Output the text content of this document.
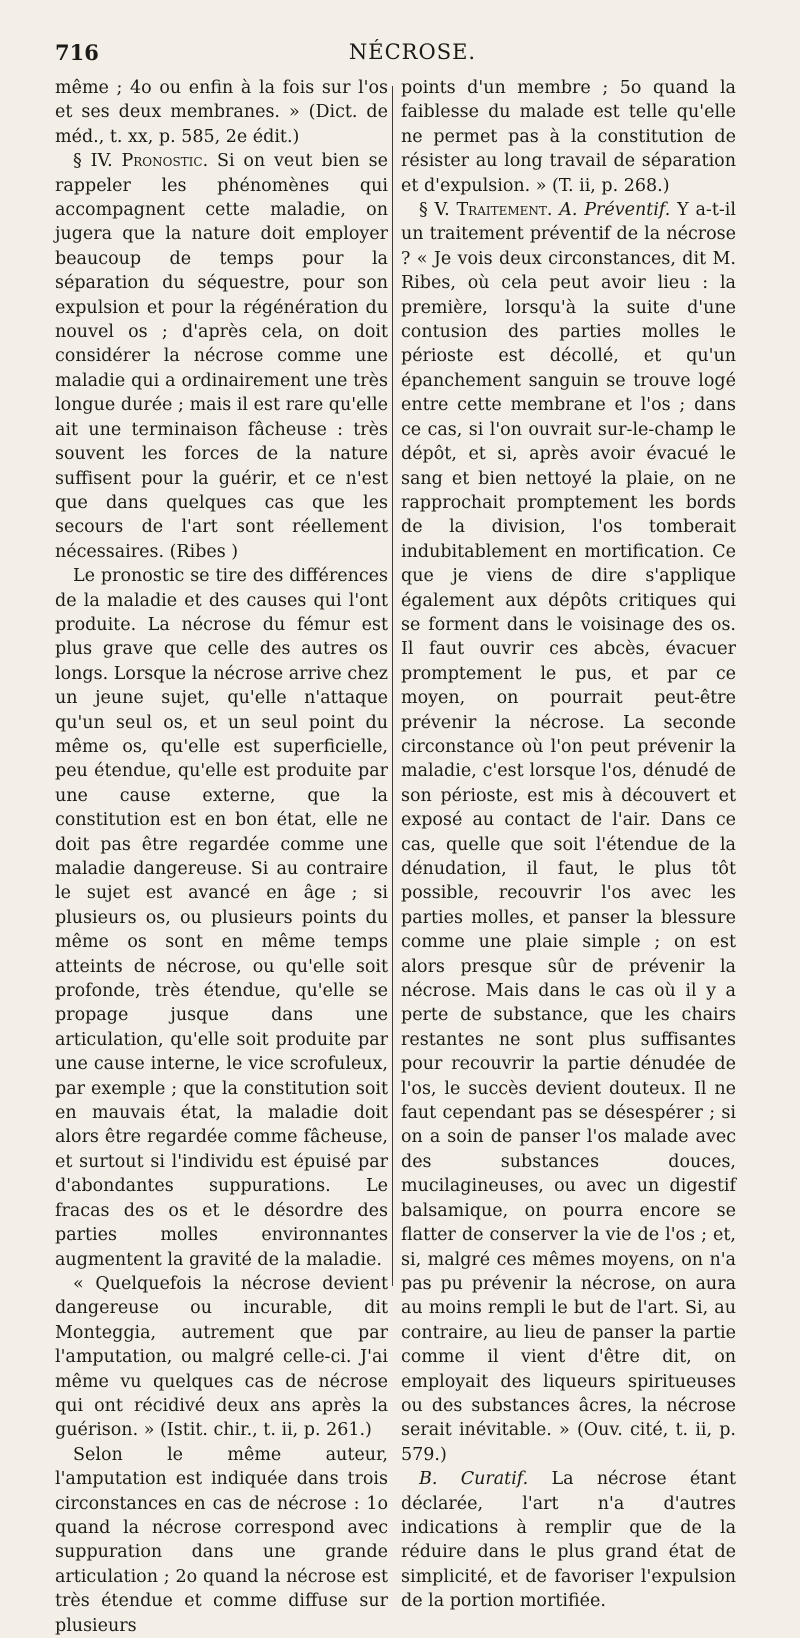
716	NÉCROSE.

même ; 4o ou enfin à la fois sur l'os et ses deux membranes. » (Dict. de méd., t. xx, p. 585, 2e édit.)

§ IV. Pronostic. Si on veut bien se rappeler les phénomènes qui accompagnent cette maladie, on jugera que la nature doit employer beaucoup de temps pour la séparation du séquestre, pour son expulsion et pour la régénération du nouvel os ; d'après cela, on doit considérer la nécrose comme une maladie qui a ordinairement une très longue durée ; mais il est rare qu'elle ait une terminaison fâcheuse : très souvent les forces de la nature suffisent pour la guérir, et ce n'est que dans quelques cas que les secours de l'art sont réellement nécessaires. (Ribes )

Le pronostic se tire des différences de la maladie et des causes qui l'ont produite. La nécrose du fémur est plus grave que celle des autres os longs. Lorsque la nécrose arrive chez un jeune sujet, qu'elle n'attaque qu'un seul os, et un seul point du même os, qu'elle est superficielle, peu étendue, qu'elle est produite par une cause externe, que la constitution est en bon état, elle ne doit pas être regardée comme une maladie dangereuse. Si au contraire le sujet est avancé en âge ; si plusieurs os, ou plusieurs points du même os sont en même temps atteints de nécrose, ou qu'elle soit profonde, très étendue, qu'elle se propage jusque dans une articulation, qu'elle soit produite par une cause interne, le vice scrofuleux, par exemple ; que la constitution soit en mauvais état, la maladie doit alors être regardée comme fâcheuse, et surtout si l'individu est épuisé par d'abondantes suppurations. Le fracas des os et le désordre des parties molles environnantes augmentent la gravité de la maladie.

« Quelquefois la nécrose devient dangereuse ou incurable, dit Monteggia, autrement que par l'amputation, ou malgré celle-ci. J'ai même vu quelques cas de nécrose qui ont récidivé deux ans après la guérison. » (Istit. chir., t. ii, p. 261.)

Selon le même auteur, l'amputation est indiquée dans trois circonstances en cas de nécrose : 1o quand la nécrose correspond avec suppuration dans une grande articulation ; 2o quand la nécrose est très étendue et comme diffuse sur plusieurs

points d'un membre ; 5o quand la faiblesse du malade est telle qu'elle ne permet pas à la constitution de résister au long travail de séparation et d'expulsion. » (T. ii, p. 268.)

§ V. Traitement. A. Préventif. Y a-t-il un traitement préventif de la nécrose ? « Je vois deux circonstances, dit M. Ribes, où cela peut avoir lieu : la première, lorsqu'à la suite d'une contusion des parties molles le périoste est décollé, et qu'un épanchement sanguin se trouve logé entre cette membrane et l'os ; dans ce cas, si l'on ouvrait sur-le-champ le dépôt, et si, après avoir évacué le sang et bien nettoyé la plaie, on ne rapprochait promptement les bords de la division, l'os tomberait indubitablement en mortification. Ce que je viens de dire s'applique également aux dépôts critiques qui se forment dans le voisinage des os. Il faut ouvrir ces abcès, évacuer promptement le pus, et par ce moyen, on pourrait peut-être prévenir la nécrose. La seconde circonstance où l'on peut prévenir la maladie, c'est lorsque l'os, dénudé de son périoste, est mis à découvert et exposé au contact de l'air. Dans ce cas, quelle que soit l'étendue de la dénudation, il faut, le plus tôt possible, recouvrir l'os avec les parties molles, et panser la blessure comme une plaie simple ; on est alors presque sûr de prévenir la nécrose. Mais dans le cas où il y a perte de substance, que les chairs restantes ne sont plus suffisantes pour recouvrir la partie dénudée de l'os, le succès devient douteux. Il ne faut cependant pas se désespérer ; si on a soin de panser l'os malade avec des substances douces, mucilagineuses, ou avec un digestif balsamique, on pourra encore se flatter de conserver la vie de l'os ; et, si, malgré ces mêmes moyens, on n'a pas pu prévenir la nécrose, on aura au moins rempli le but de l'art. Si, au contraire, au lieu de panser la partie comme il vient d'être dit, on employait des liqueurs spiritueuses ou des substances âcres, la nécrose serait inévitable. » (Ouv. cité, t. ii, p. 579.)

B. Curatif. La nécrose étant déclarée, l'art n'a d'autres indications à remplir que de la réduire dans le plus grand état de simplicité, et de favoriser l'expulsion de la portion mortifiée.
